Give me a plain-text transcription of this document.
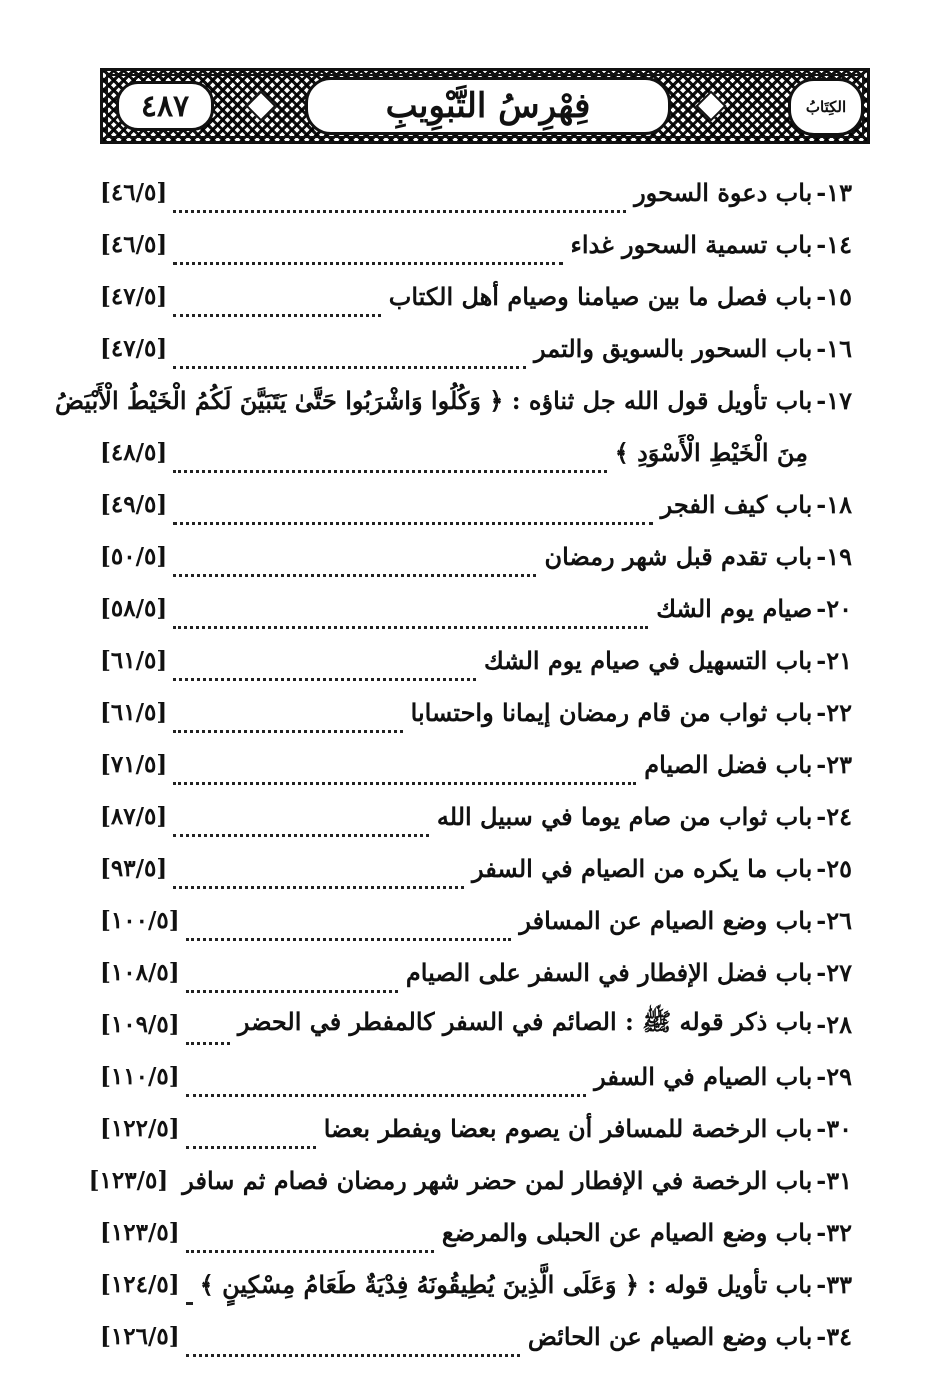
فِهْرِسُ التَّبْوِيبِ
٤٨٧	الكِتَابُ
١٣-
باب دعوة السحور
[٤٦/٥]
١٤-
باب تسمية السحور غداء
[٤٦/٥]
١٥-
باب فصل ما بين صيامنا وصيام أهل الكتاب
[٤٧/٥]
١٦-
باب السحور بالسويق والتمر
[٤٧/٥]
١٧-
باب تأويل قول الله جل ثناؤه : ﴿ وَكُلُوا وَاشْرَبُوا حَتَّىٰ يَتَبَيَّنَ لَكُمُ الْخَيْطُ الْأَبْيَضُ
مِنَ الْخَيْطِ الْأَسْوَدِ ﴾
[٤٨/٥]
١٨-
باب كيف الفجر
[٤٩/٥]
١٩-
باب تقدم قبل شهر رمضان
[٥٠/٥]
٢٠-
صيام يوم الشك
[٥٨/٥]
٢١-
باب التسهيل في صيام يوم الشك
[٦١/٥]
٢٢-
باب ثواب من قام رمضان إيمانا واحتسابا
[٦١/٥]
٢٣-
باب فضل الصيام
[٧١/٥]
٢٤-
باب ثواب من صام يوما في سبيل الله
[٨٧/٥]
٢٥-
باب ما يكره من الصيام في السفر
[٩٣/٥]
٢٦-
باب وضع الصيام عن المسافر
[١٠٠/٥]
٢٧-
باب فضل الإفطار في السفر على الصيام
[١٠٨/٥]
٢٨-
باب ذكر قوله ﷺ : الصائم في السفر كالمفطر في الحضر
[١٠٩/٥]
٢٩-
باب الصيام في السفر
[١١٠/٥]
٣٠-
باب الرخصة للمسافر أن يصوم بعضا ويفطر بعضا
[١٢٢/٥]
٣١-
باب الرخصة في الإفطار لمن حضر شهر رمضان فصام ثم سافر
[١٢٣/٥]
٣٢-
باب وضع الصيام عن الحبلى والمرضع
[١٢٣/٥]
٣٣-
باب تأويل قوله : ﴿ وَعَلَى الَّذِينَ يُطِيقُونَهُ فِدْيَةٌ طَعَامُ مِسْكِينٍ ﴾
[١٢٤/٥]
٣٤-
باب وضع الصيام عن الحائض
[١٢٦/٥]
